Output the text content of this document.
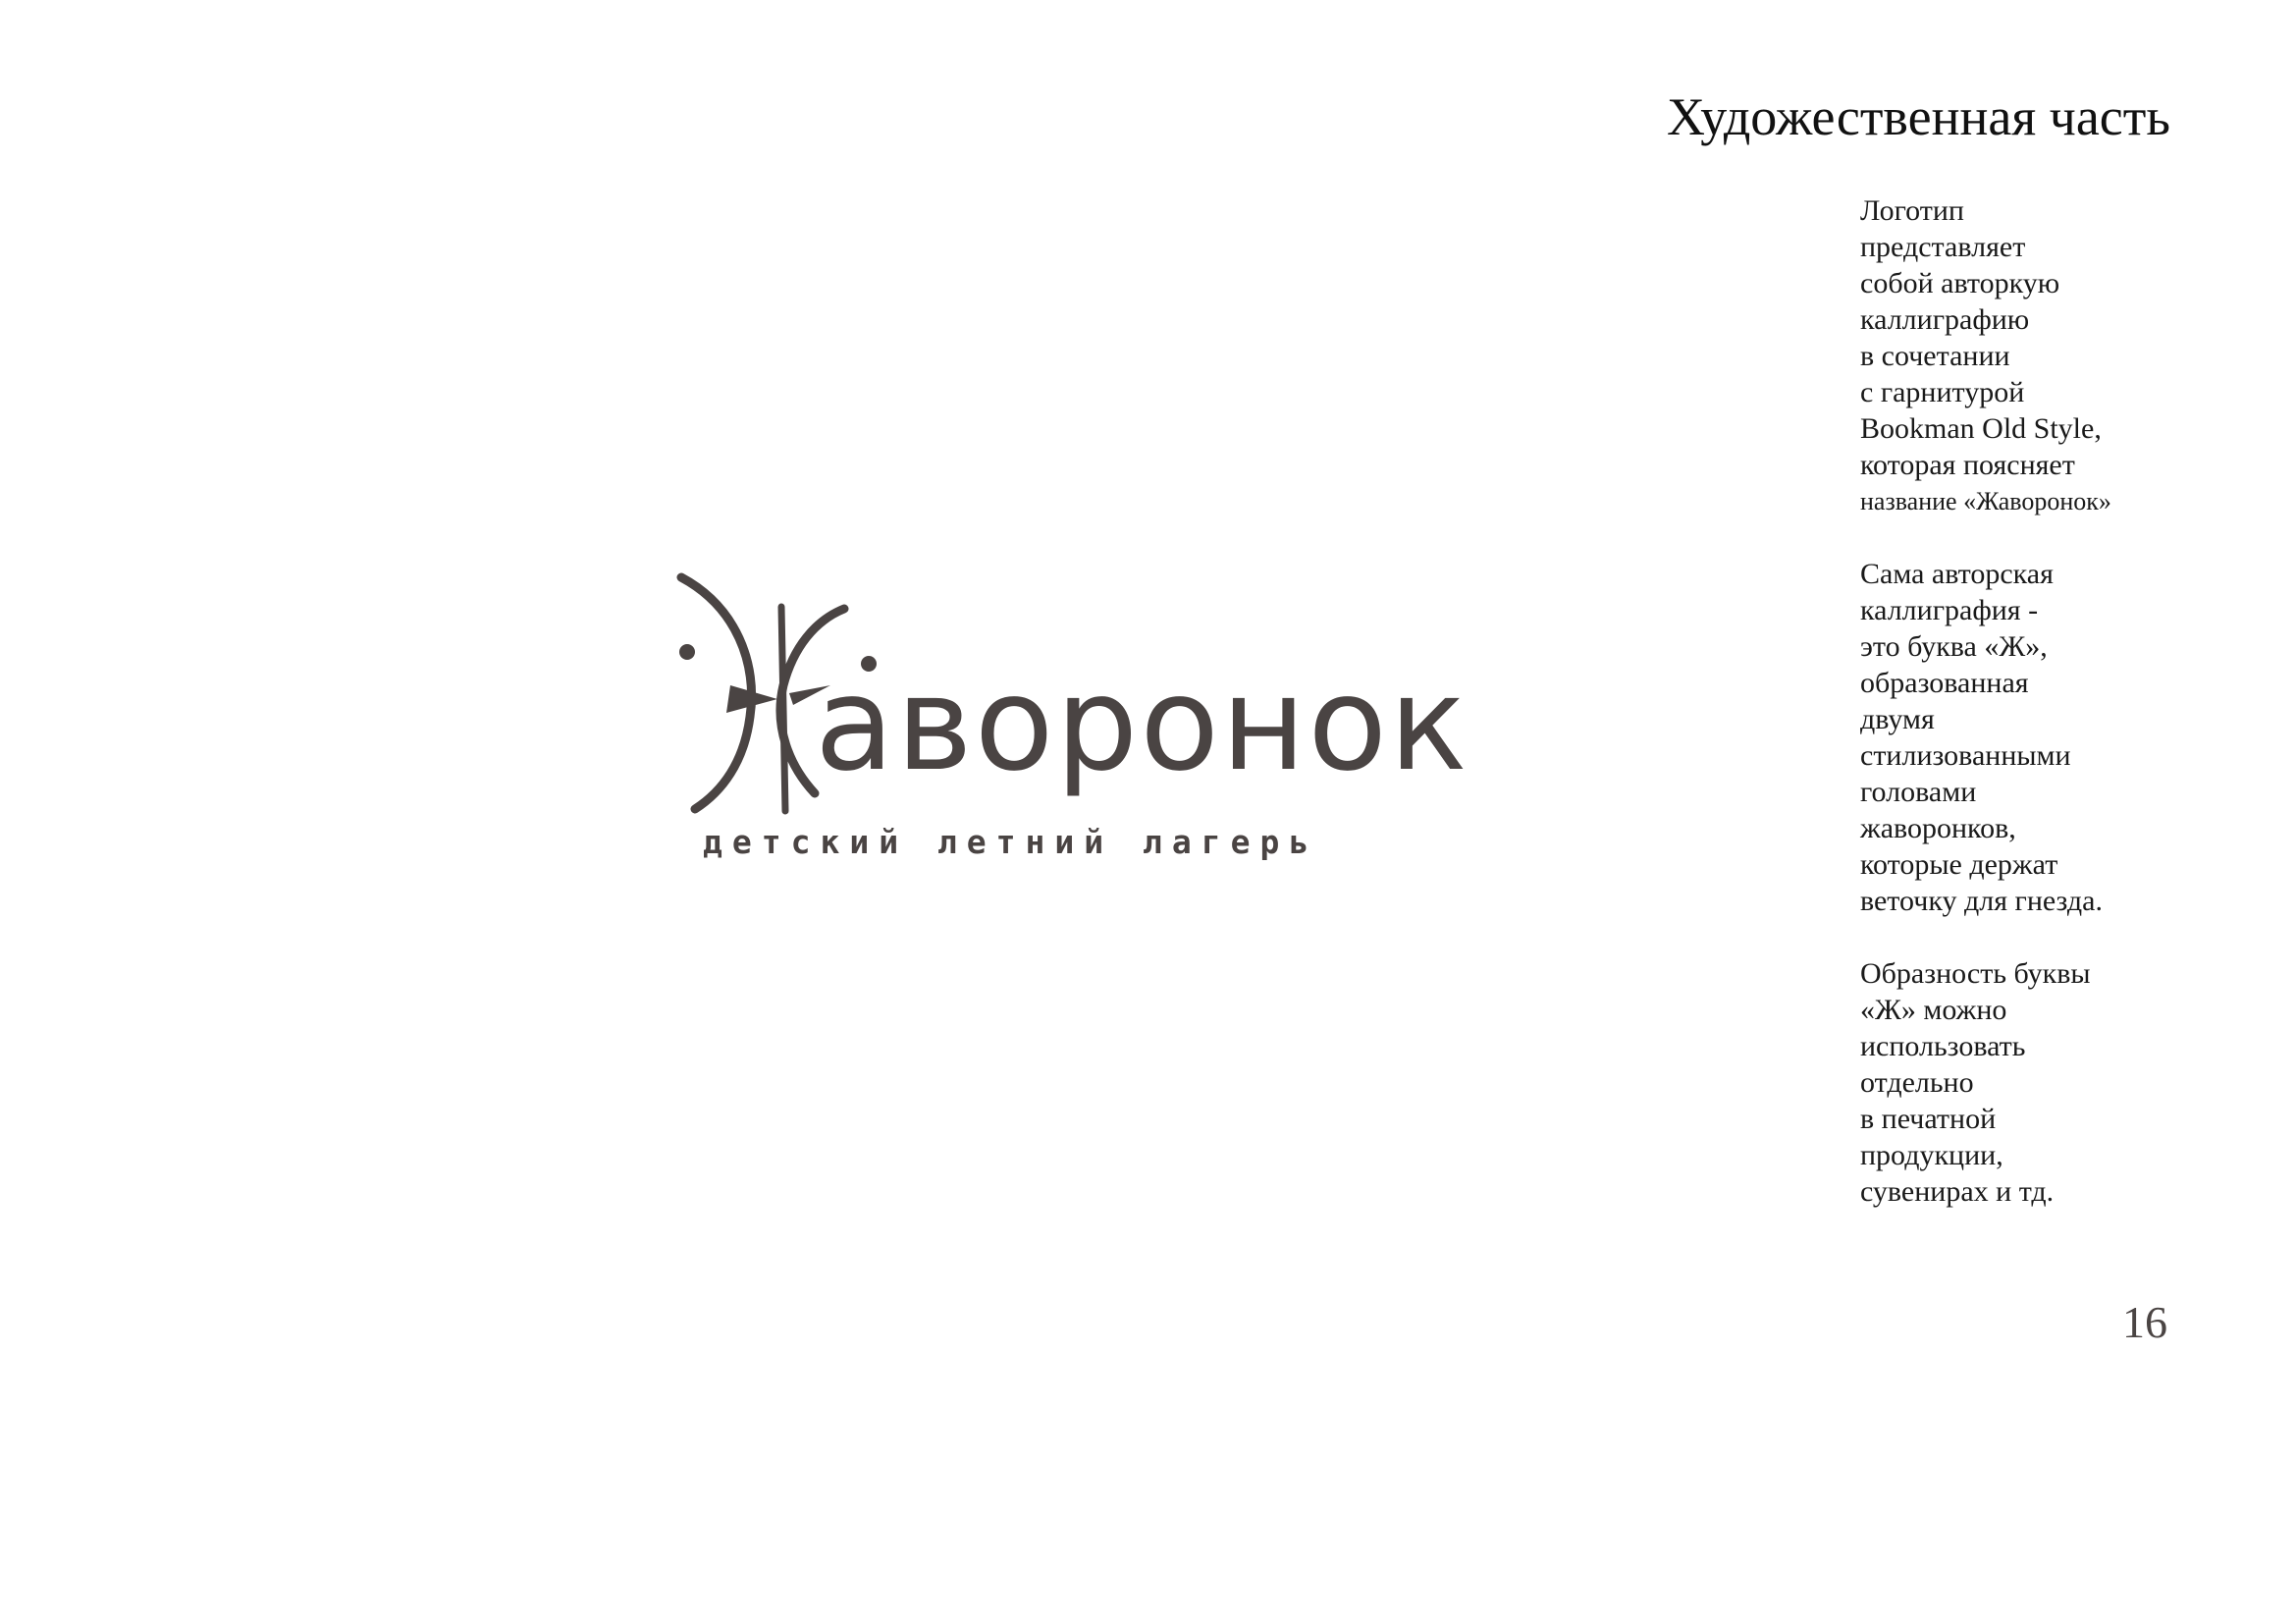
Художественная часть
аворонок
детский летний лагерь
Логотип
представляет
собой авторкую
каллиграфию
в сочетании
с гарнитурой
Bookman Old Style,
которая поясняет
название «Жаворонок»
Сама авторская
каллиграфия -
это буква «Ж»,
образованная
двумя
стилизованными
головами
жаворонков,
которые держат
веточку для гнезда.
Образность буквы
«Ж» можно
использовать
отдельно
в печатной
продукции,
сувенирах и тд.
16
